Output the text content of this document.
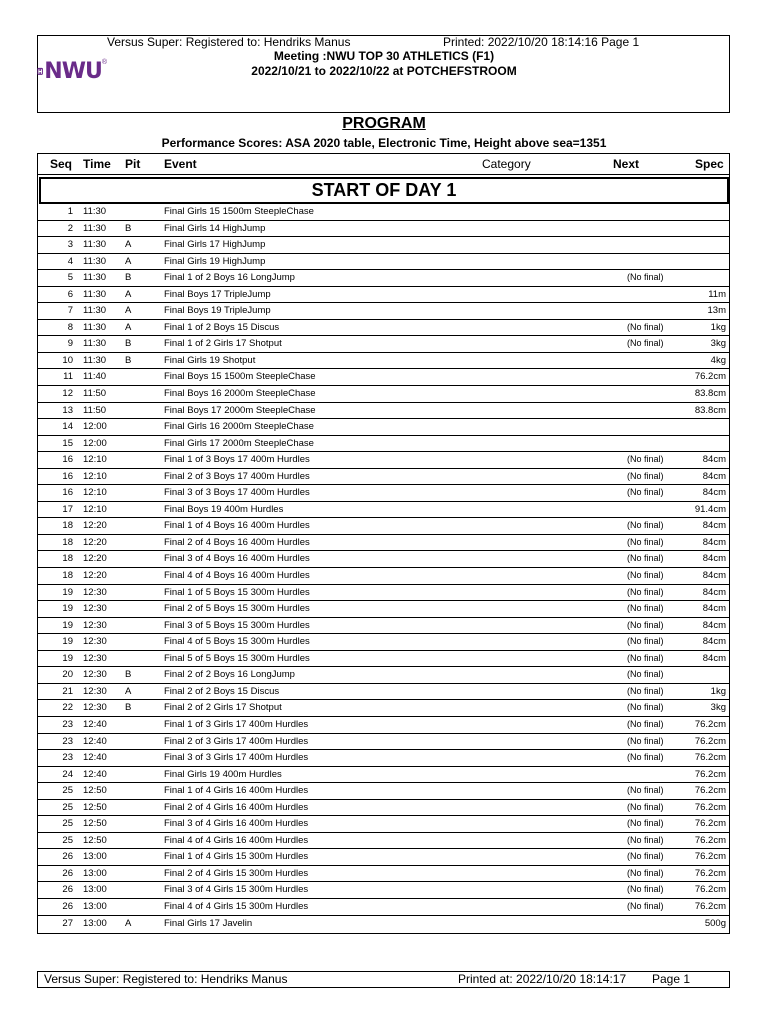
NWU ®
Versus Super: Registered to: Hendriks Manus	Printed: 2022/10/20 18:14:16 Page 1
Meeting :NWU TOP 30 ATHLETICS (F1)
2022/10/21 to 2022/10/22 at POTCHEFSTROOM
PROGRAM
Performance Scores: ASA 2020 table, Electronic Time, Height above sea=1351
Seq Time Pit Event	Category	Next	Spec
START OF DAY 1
1 11:30	Final Girls 15 1500m SteepleChase
2 11:30 B	Final Girls 14 HighJump
3 11:30 A	Final Girls 17 HighJump
4 11:30 A	Final Girls 19 HighJump
5 11:30 B	Final 1 of 2 Boys 16 LongJump	(No final)
6 11:30 A	Final Boys 17 TripleJump	11m
7 11:30 A	Final Boys 19 TripleJump	13m
8 11:30 A	Final 1 of 2 Boys 15 Discus	(No final)	1kg
9 11:30 B	Final 1 of 2 Girls 17 Shotput	(No final)	3kg
10 11:30 B	Final Girls 19 Shotput	4kg
11 11:40	Final Boys 15 1500m SteepleChase	76.2cm
12 11:50	Final Boys 16 2000m SteepleChase	83.8cm
13 11:50	Final Boys 17 2000m SteepleChase	83.8cm
14 12:00	Final Girls 16 2000m SteepleChase
15 12:00	Final Girls 17 2000m SteepleChase
16 12:10	Final 1 of 3 Boys 17 400m Hurdles	(No final)	84cm
16 12:10	Final 2 of 3 Boys 17 400m Hurdles	(No final)	84cm
16 12:10	Final 3 of 3 Boys 17 400m Hurdles	(No final)	84cm
17 12:10	Final Boys 19 400m Hurdles	91.4cm
18 12:20	Final 1 of 4 Boys 16 400m Hurdles	(No final)	84cm
18 12:20	Final 2 of 4 Boys 16 400m Hurdles	(No final)	84cm
18 12:20	Final 3 of 4 Boys 16 400m Hurdles	(No final)	84cm
18 12:20	Final 4 of 4 Boys 16 400m Hurdles	(No final)	84cm
19 12:30	Final 1 of 5 Boys 15 300m Hurdles	(No final)	84cm
19 12:30	Final 2 of 5 Boys 15 300m Hurdles	(No final)	84cm
19 12:30	Final 3 of 5 Boys 15 300m Hurdles	(No final)	84cm
19 12:30	Final 4 of 5 Boys 15 300m Hurdles	(No final)	84cm
19 12:30	Final 5 of 5 Boys 15 300m Hurdles	(No final)	84cm
20 12:30 B	Final 2 of 2 Boys 16 LongJump	(No final)
21 12:30 A	Final 2 of 2 Boys 15 Discus	(No final)	1kg
22 12:30 B	Final 2 of 2 Girls 17 Shotput	(No final)	3kg
23 12:40	Final 1 of 3 Girls 17 400m Hurdles	(No final)	76.2cm
23 12:40	Final 2 of 3 Girls 17 400m Hurdles	(No final)	76.2cm
23 12:40	Final 3 of 3 Girls 17 400m Hurdles	(No final)	76.2cm
24 12:40	Final Girls 19 400m Hurdles	76.2cm
25 12:50	Final 1 of 4 Girls 16 400m Hurdles	(No final)	76.2cm
25 12:50	Final 2 of 4 Girls 16 400m Hurdles	(No final)	76.2cm
25 12:50	Final 3 of 4 Girls 16 400m Hurdles	(No final)	76.2cm
25 12:50	Final 4 of 4 Girls 16 400m Hurdles	(No final)	76.2cm
26 13:00	Final 1 of 4 Girls 15 300m Hurdles	(No final)	76.2cm
26 13:00	Final 2 of 4 Girls 15 300m Hurdles	(No final)	76.2cm
26 13:00	Final 3 of 4 Girls 15 300m Hurdles	(No final)	76.2cm
26 13:00	Final 4 of 4 Girls 15 300m Hurdles	(No final)	76.2cm
27 13:00 A	Final Girls 17 Javelin	500g
Versus Super: Registered to: Hendriks Manus	Printed at: 2022/10/20 18:14:17 Page 1
